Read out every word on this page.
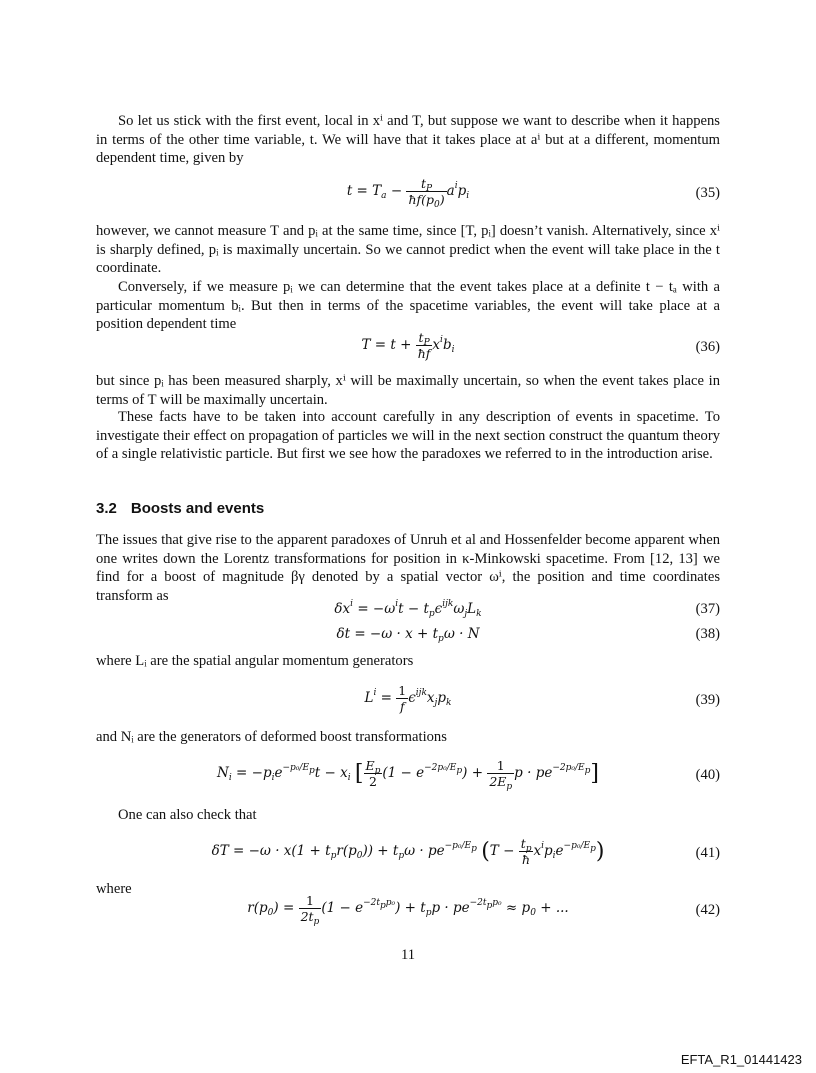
So let us stick with the first event, local in xⁱ and T, but suppose we want to describe when it happens in terms of the other time variable, t. We will have that it takes place at aⁱ but at a different, momentum dependent time, given by

$t = T_a - \frac{t_P}{ħf(p_0)} a^ip_i$	(35)

however, we cannot measure T and pᵢ at the same time, since [T, pᵢ] doesn’t vanish. Alternatively, since xⁱ is sharply defined, pᵢ is maximally uncertain. So we cannot predict when the event will take place in the t coordinate.

Conversely, if we measure pᵢ we can determine that the event takes place at a definite t − tₐ with a particular momentum bᵢ. But then in terms of the spacetime variables, the event will take place at a position dependent time

$T = t + \frac{t_P}{ħf} x^ib_i$	(36)

but since pᵢ has been measured sharply, xⁱ will be maximally uncertain, so when the event takes place in terms of T will be maximally uncertain.

These facts have to be taken into account carefully in any description of events in spacetime. To investigate their effect on propagation of particles we will in the next section construct the quantum theory of a single relativistic particle. But first we see how the paradoxes we referred to in the introduction arise.

3.2 Boosts and events

The issues that give rise to the apparent paradoxes of Unruh et al and Hossenfelder become apparent when one writes down the Lorentz transformations for position in κ-Minkowski spacetime. From [12, 13] we find for a boost of magnitude βγ denoted by a spatial vector ωⁱ, the position and time coordinates transform as

$\delta x^i = -\omega^it - t_p\epsilon^{ijk}\omega_jL_k$	(37)
$\delta t = -\omega \cdot x + t_p\omega \cdot N$	(38)

where Lᵢ are the spatial angular momentum generators

$L^i = \frac{1}{f} \epsilon^{ijk}x_jp_k$	(39)

and Nᵢ are the generators of deformed boost transformations

$N_i = -p_ie^{-p_0/E_p}t - x_i$ [ $\frac{E_p}{2} (1 - e^{-2p_0/E_p}) + \frac{1}{2E_p}$ $p \cdot pe^{-2p_0/E_p}$]	(40)

One can also check that

$\delta T = -\omega \cdot x(1 + t_pr(p_0)) + t_p\omega \cdot pe^{-p_0/E_p}$ $(T - \frac{t_p}{ħ} x^ip_ie^{-p_0/E_p})$	(41)

where

$r(p_0) = \frac{1}{2t_p} (1 - e^{-2t_pp_0}) + t_pp \cdot pe^{-2t_pp_0} \approx p_0$ + ...	(42)
11
EFTA_R1_01441423
